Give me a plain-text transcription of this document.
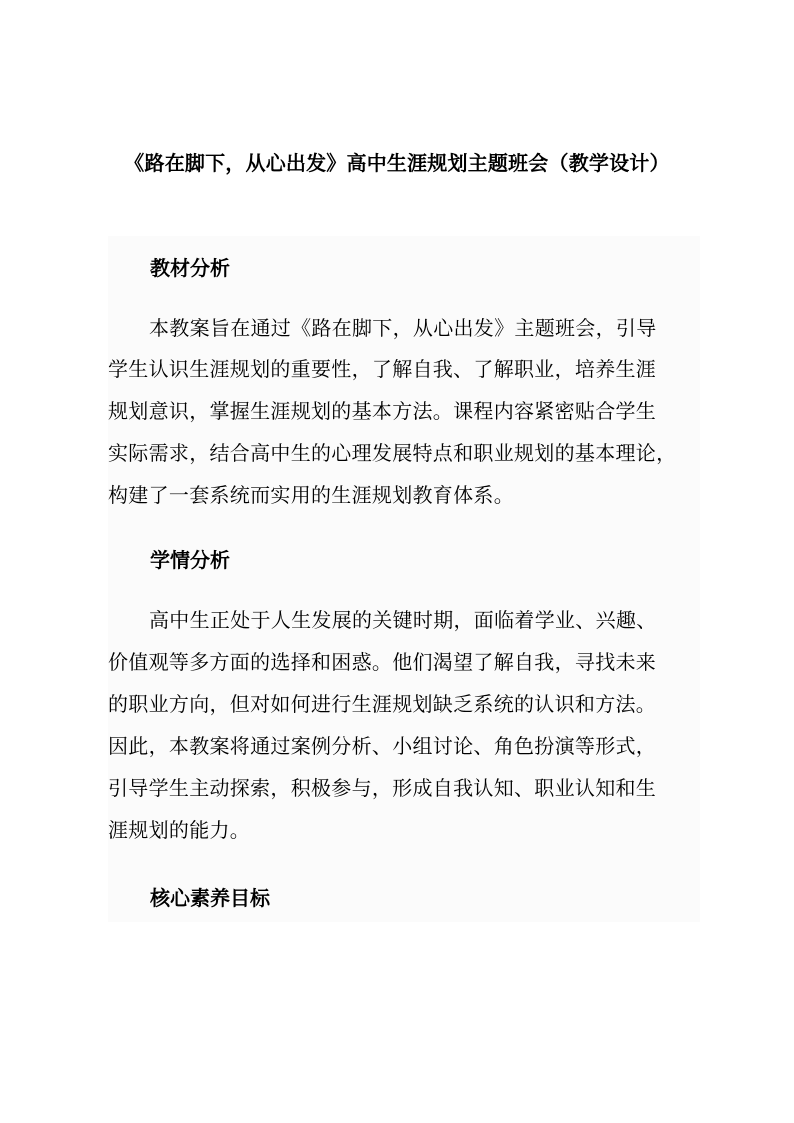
《路在脚下，从心出发》高中生涯规划主题班会（教学设计）
教材分析
本教案旨在通过《路在脚下，从心出发》主题班会，引导
学生认识生涯规划的重要性，了解自我、了解职业，培养生涯
规划意识，掌握生涯规划的基本方法。课程内容紧密贴合学生
实际需求，结合高中生的心理发展特点和职业规划的基本理论，
构建了一套系统而实用的生涯规划教育体系。
学情分析
高中生正处于人生发展的关键时期，面临着学业、兴趣、
价值观等多方面的选择和困惑。他们渴望了解自我，寻找未来
的职业方向，但对如何进行生涯规划缺乏系统的认识和方法。
因此，本教案将通过案例分析、小组讨论、角色扮演等形式，
引导学生主动探索，积极参与，形成自我认知、职业认知和生
涯规划的能力。
核心素养目标
